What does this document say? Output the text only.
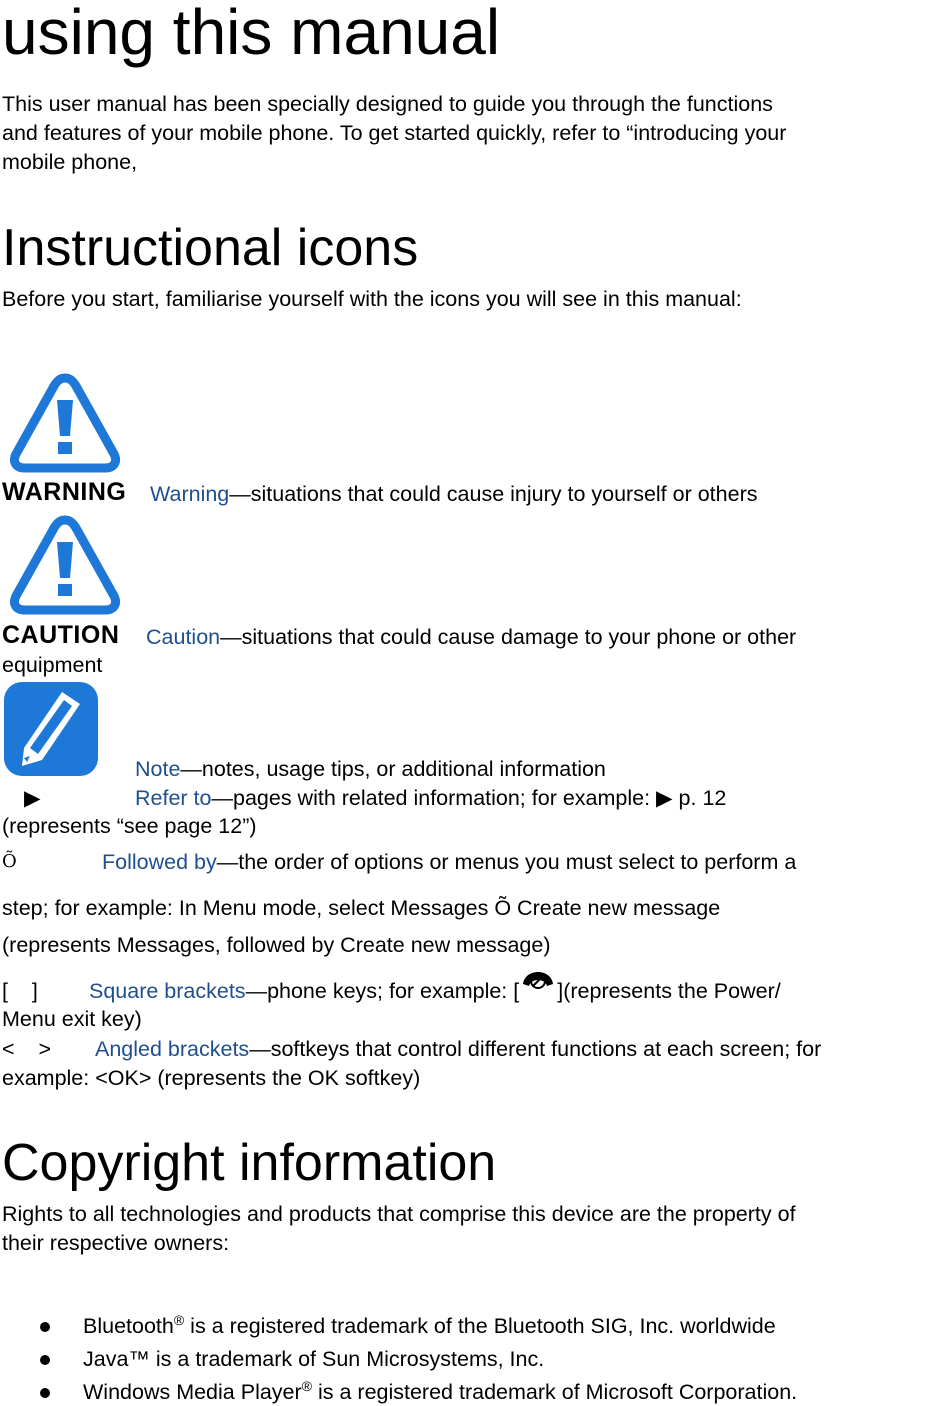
using this manual
This user manual has been specially designed to guide you through the functions
and features of your mobile phone. To get started quickly, refer to “introducing your
mobile phone,
Instructional icons
Before you start, familiarise yourself with the icons you will see in this manual:
WARNING Warning—situations that could cause injury to yourself or others
CAUTION Caution—situations that could cause damage to your phone or other
equipment
Note—notes, usage tips, or additional information
▶	Refer to—pages with related information; for example: ▶ p. 12
(represents “see page 12”)
Õ	Followed by—the order of options or menus you must select to perform a
step; for example: In Menu mode, select Messages Õ Create new message
(represents Messages, followed by Create new message)
[    ] Square brackets—phone keys; for example: [ ](represents the Power/
Menu exit key)
<    > Angled brackets—softkeys that control different functions at each screen; for
example: <OK> (represents the OK softkey)
Copyright information
Rights to all technologies and products that comprise this device are the property of
their respective owners:
Bluetooth® is a registered trademark of the Bluetooth SIG, Inc. worldwide
Java™ is a trademark of Sun Microsystems, Inc.
Windows Media Player® is a registered trademark of Microsoft Corporation.
